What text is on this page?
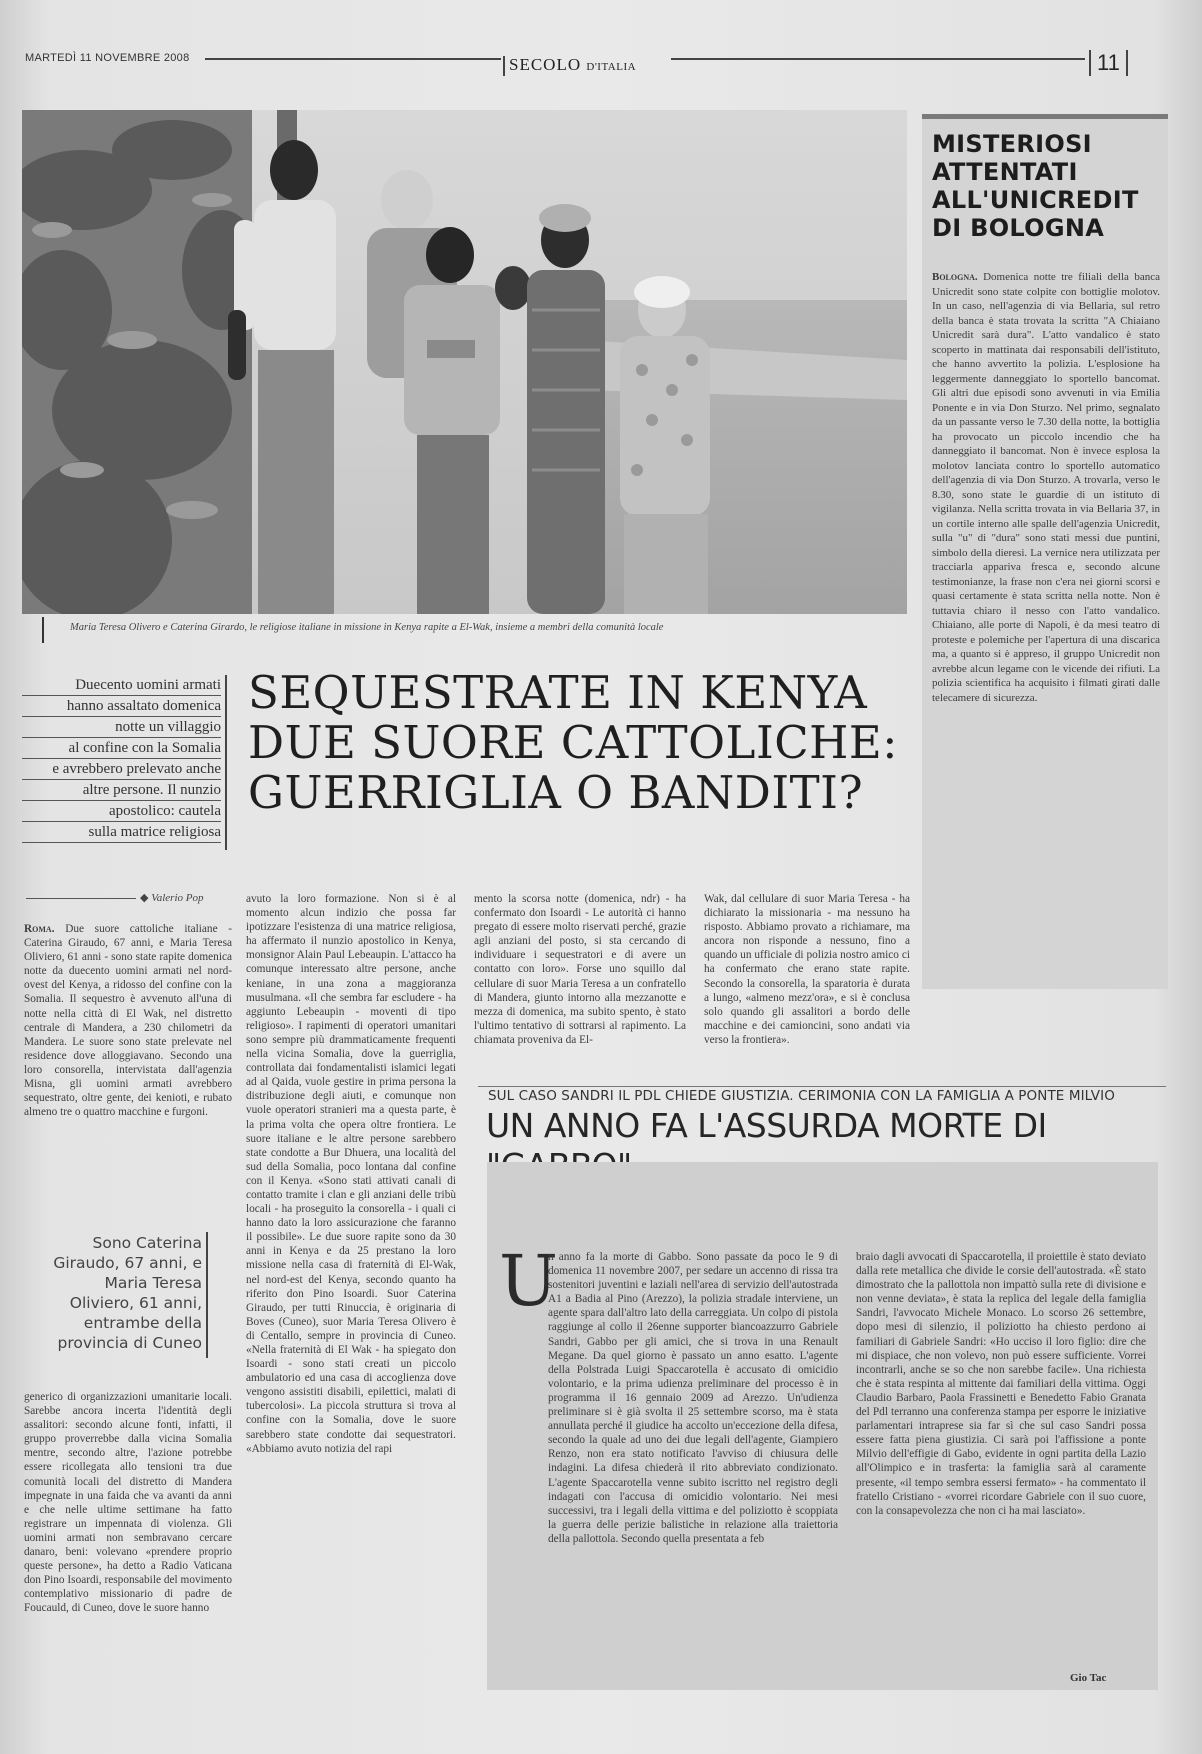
MARTEDÌ 11 NOVEMBRE 2008	SECOLO D'ITALIA	11
Maria Teresa Olivero e Caterina Girardo, le religiose italiane in missione in Kenya rapite a El-Wak, insieme a membri della comunità locale
MISTERIOSI ATTENTATI ALL'UNICREDIT DI BOLOGNA
Bologna. Domenica notte tre filiali della banca Unicredit sono state colpite con bottiglie molotov. In un caso, nell'agenzia di via Bellaria, sul retro della banca è stata trovata la scritta "A Chiaiano Unicredit sarà dura". L'atto vandalico è stato scoperto in mattinata dai responsabili dell'istituto, che hanno avvertito la polizia. L'esplosione ha leggermente danneggiato lo sportello bancomat. Gli altri due episodi sono avvenuti in via Emilia Ponente e in via Don Sturzo. Nel primo, segnalato da un passante verso le 7.30 della notte, la bottiglia ha provocato un piccolo incendio che ha danneggiato il bancomat. Non è invece esplosa la molotov lanciata contro lo sportello automatico dell'agenzia di via Don Sturzo. A trovarla, verso le 8.30, sono state le guardie di un istituto di vigilanza. Nella scritta trovata in via Bellaria 37, in un cortile interno alle spalle dell'agenzia Unicredit, sulla "u" di "dura" sono stati messi due puntini, simbolo della dieresi. La vernice nera utilizzata per tracciarla appariva fresca e, secondo alcune testimonianze, la frase non c'era nei giorni scorsi e quasi certamente è stata scritta nella notte. Non è tuttavia chiaro il nesso con l'atto vandalico. Chiaiano, alle porte di Napoli, è da mesi teatro di proteste e polemiche per l'apertura di una discarica ma, a quanto si è appreso, il gruppo Unicredit non avrebbe alcun legame con le vicende dei rifiuti. La polizia scientifica ha acquisito i filmati girati dalle telecamere di sicurezza.

Duecento uomini armati

hanno assaltato domenica

notte un villaggio

al confine con la Somalia

e avrebbero prelevato anche

altre persone. Il nunzio

apostolico: cautela

sulla matrice religiosa

SEQUESTRATE IN KENYA
DUE SUORE CATTOLICHE:
GUERRIGLIA O BANDITI?
◆ Valerio Pop
Roma. Due suore cattoliche italiane - Caterina Giraudo, 67 anni, e Maria Teresa Oliviero, 61 anni - sono state rapite domenica notte da duecento uomini armati nel nord-ovest del Kenya, a ridosso del confine con la Somalia. Il sequestro è avvenuto all'una di notte nella città di El Wak, nel distretto centrale di Mandera, a 230 chilometri da Mandera. Le suore sono state prelevate nel residence dove alloggiavano. Secondo una loro consorella, intervistata dall'agenzia Misna, gli uomini armati avrebbero sequestrato, oltre gente, dei kenioti, e rubato almeno tre o quattro macchine e furgoni.
Sono Caterina Giraudo, 67 anni, e Maria Teresa Oliviero, 61 anni, entrambe della provincia di Cuneo
generico di organizzazioni umanitarie locali. Sarebbe ancora incerta l'identità degli assalitori: secondo alcune fonti, infatti, il gruppo proverrebbe dalla vicina Somalia mentre, secondo altre, l'azione potrebbe essere ricollegata allo tensioni tra due comunità locali del distretto di Mandera impegnate in una faida che va avanti da anni e che nelle ultime settimane ha fatto registrare un impennata di violenza. Gli uomini armati non sembravano cercare danaro, beni: volevano «prendere proprio queste persone», ha detto a Radio Vaticana don Pino Isoardi, responsabile del movimento contemplativo missionario di padre de Foucauld, di Cuneo, dove le suore hanno
avuto la loro formazione. Non si è al momento alcun indizio che possa far ipotizzare l'esistenza di una matrice religiosa, ha affermato il nunzio apostolico in Kenya, monsignor Alain Paul Lebeaupin. L'attacco ha comunque interessato altre persone, anche keniane, in una zona a maggioranza musulmana. «Il che sembra far escludere - ha aggiunto Lebeaupin - moventi di tipo religioso». I rapimenti di operatori umanitari sono sempre più drammaticamente frequenti nella vicina Somalia, dove la guerriglia, controllata dai fondamentalisti islamici legati ad al Qaida, vuole gestire in prima persona la distribuzione degli aiuti, e comunque non vuole operatori stranieri ma a questa parte, è la prima volta che opera oltre frontiera. Le suore italiane e le altre persone sarebbero state condotte a Bur Dhuera, una località del sud della Somalia, poco lontana dal confine con il Kenya. «Sono stati attivati canali di contatto tramite i clan e gli anziani delle tribù locali - ha proseguito la consorella - i quali ci hanno dato la loro assicurazione che faranno il possibile». Le due suore rapite sono da 30 anni in Kenya e da 25 prestano la loro missione nella casa di fraternità di El-Wak, nel nord-est del Kenya, secondo quanto ha riferito don Pino Isoardi. Suor Caterina Giraudo, per tutti Rinuccia, è originaria di Boves (Cuneo), suor Maria Teresa Olivero è di Centallo, sempre in provincia di Cuneo. «Nella fraternità di El Wak - ha spiegato don Isoardi - sono stati creati un piccolo ambulatorio ed una casa di accoglienza dove vengono assistiti disabili, epilettici, malati di tubercolosi». La piccola struttura si trova al confine con la Somalia, dove le suore sarebbero state condotte dai sequestratori. «Abbiamo avuto notizia del rapi
mento la scorsa notte (domenica, ndr) - ha confermato don Isoardi - Le autorità ci hanno pregato di essere molto riservati perché, grazie agli anziani del posto, si sta cercando di individuare i sequestratori e di avere un contatto con loro». Forse uno squillo dal cellulare di suor Maria Teresa a un confratello di Mandera, giunto intorno alla mezzanotte e mezza di domenica, ma subito spento, è stato l'ultimo tentativo di sottrarsi al rapimento. La chiamata proveniva da El-
Wak, dal cellulare di suor Maria Teresa - ha dichiarato la missionaria - ma nessuno ha risposto. Abbiamo provato a richiamare, ma ancora non risponde a nessuno, fino a quando un ufficiale di polizia nostro amico ci ha confermato che erano state rapite. Secondo la consorella, la sparatoria è durata a lungo, «almeno mezz'ora», e si è conclusa solo quando gli assalitori a bordo delle macchine e dei camioncini, sono andati via verso la frontiera».
SUL CASO SANDRI IL PDL CHIEDE GIUSTIZIA. CERIMONIA CON LA FAMIGLIA A PONTE MILVIO
UN ANNO FA L'ASSURDA MORTE DI
U
n anno fa la morte di Gabbo. Sono passate da poco le 9 di domenica 11 novembre 2007, per sedare un accenno di rissa tra sostenitori juventini e laziali nell'area di servizio dell'autostrada A1 a Badia al Pino (Arezzo), la polizia stradale interviene, un agente spara dall'altro lato della carreggiata. Un colpo di pistola raggiunge al collo il 26enne supporter biancoazzurro Gabriele Sandri, Gabbo per gli amici, che si trova in una Renault Megane. Da quel giorno è passato un anno esatto. L'agente della Polstrada Luigi Spaccarotella è accusato di omicidio volontario, e la prima udienza preliminare del processo è in programma il 16 gennaio 2009 ad Arezzo. Un'udienza preliminare si è già svolta il 25 settembre scorso, ma è stata annullata perché il giudice ha accolto un'eccezione della difesa, secondo la quale ad uno dei due legali dell'agente, Giampiero Renzo, non era stato notificato l'avviso di chiusura delle indagini. La difesa chiederà il rito abbreviato condizionato. L'agente Spaccarotella venne subito iscritto nel registro degli indagati con l'accusa di omicidio volontario. Nei mesi successivi, tra i legali della vittima e del poliziotto è scoppiata la guerra delle perizie balistiche in relazione alla traiettoria della pallottola. Secondo quella presentata a feb
braio dagli avvocati di Spaccarotella, il proiettile è stato deviato dalla rete metallica che divide le corsie dell'autostrada. «È stato dimostrato che la pallottola non impattò sulla rete di divisione e non venne deviata», è stata la replica del legale della famiglia Sandri, l'avvocato Michele Monaco. Lo scorso 26 settembre, dopo mesi di silenzio, il poliziotto ha chiesto perdono ai familiari di Gabriele Sandri: «Ho ucciso il loro figlio: dire che mi dispiace, che non volevo, non può essere sufficiente. Vorrei incontrarli, anche se so che non sarebbe facile». Una richiesta che è stata respinta al mittente dai familiari della vittima. Oggi Claudio Barbaro, Paola Frassinetti e Benedetto Fabio Granata del Pdl terranno una conferenza stampa per esporre le iniziative parlamentari intraprese sia far sì che sul caso Sandri possa essere fatta piena giustizia. Ci sarà poi l'affissione a ponte Milvio dell'effigie di Gabo, evidente in ogni partita della Lazio all'Olimpico e in trasferta: la famiglia sarà al caramente presente, «il tempo sembra essersi fermato» - ha commentato il fratello Cristiano - «vorrei ricordare Gabriele con il suo cuore, con la consapevolezza che non ci ha mai lasciato».
Gio Tac
